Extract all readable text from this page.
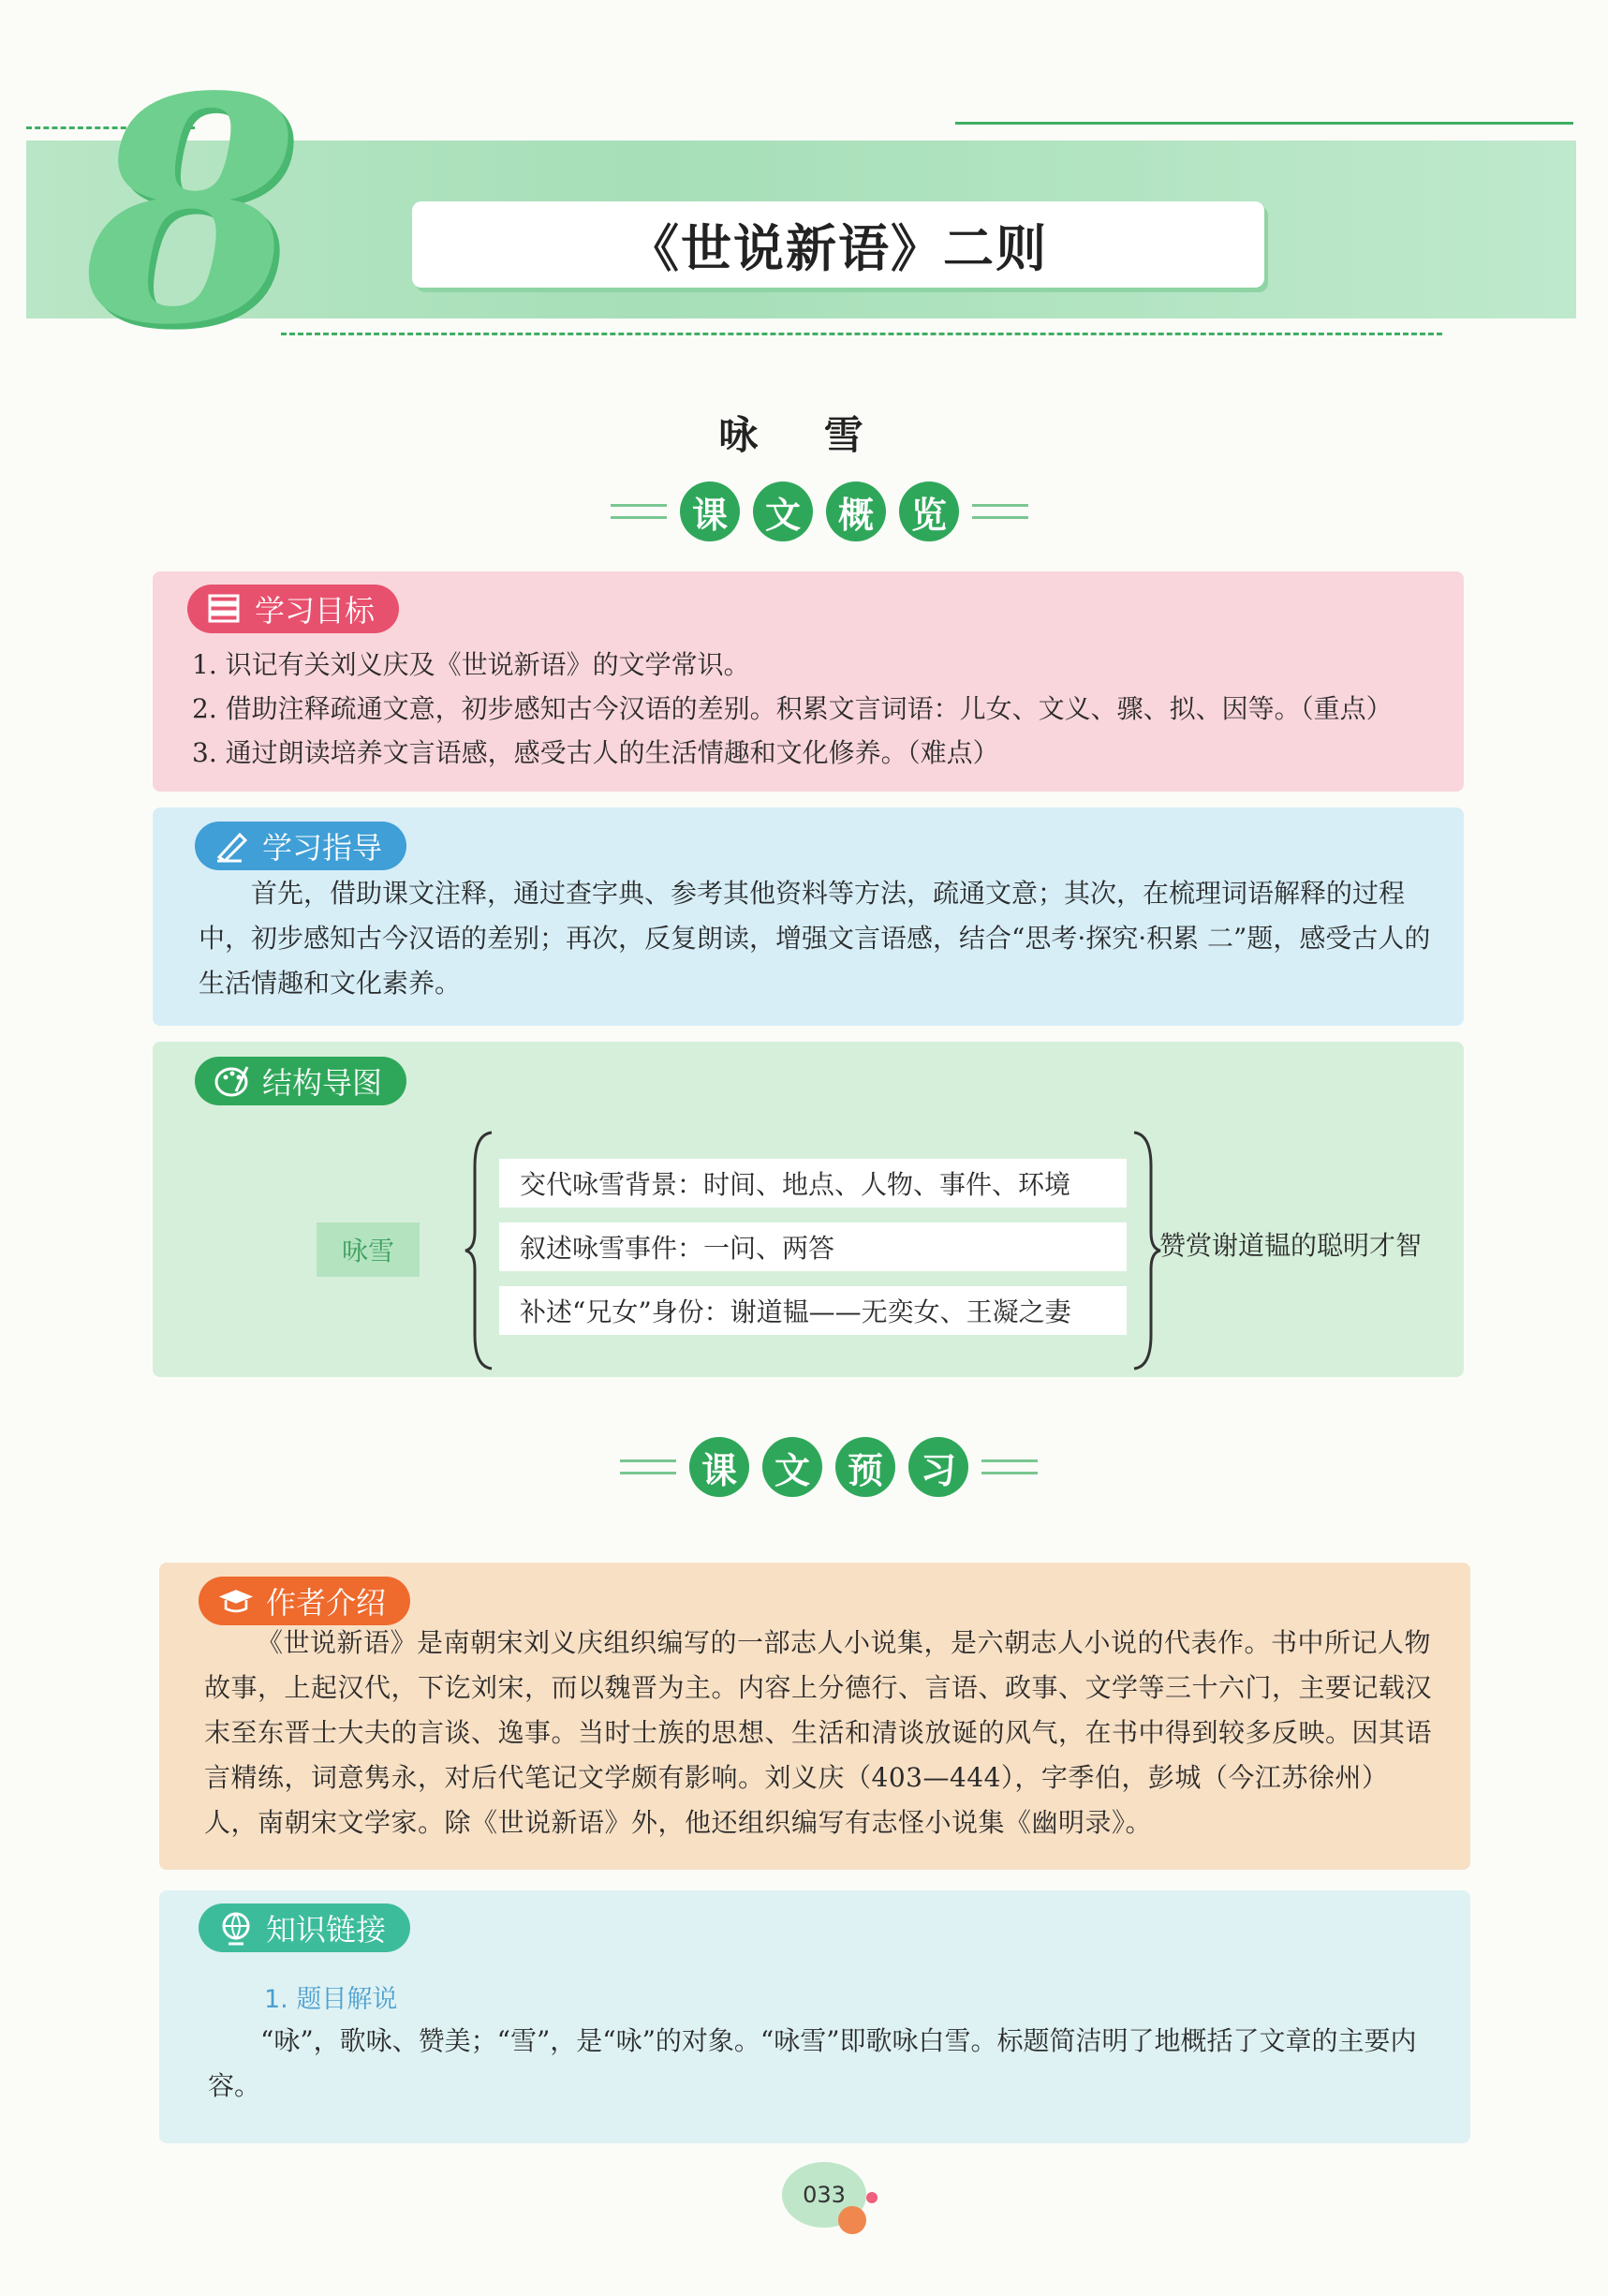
8	《世说新语》二则
咏 雪
课	文	概	览
学习目标
1. 识记有关刘义庆及《世说新语》的文学常识。
2. 借助注释疏通文意，初步感知古今汉语的差别。积累文言词语：儿女、文义、骤、拟、因等。（重点）
3. 通过朗读培养文言语感，感受古人的生活情趣和文化修养。（难点）
学习指导
首先，借助课文注释，通过查字典、参考其他资料等方法，疏通文意；其次，在梳理词语解释的过程中，初步感知古今汉语的差别；再次，反复朗读，增强文言语感，结合“思考·探究·积累 二”题，感受古人的生活情趣和文化素养。
结构导图
咏雪
交代咏雪背景：时间、地点、人物、事件、环境
叙述咏雪事件：一问、两答
补述“兄女”身份：谢道韫——无奕女、王凝之妻
赞赏谢道韫的聪明才智
课	文	预	习
作者介绍
《世说新语》是南朝宋刘义庆组织编写的一部志人小说集，是六朝志人小说的代表作。书中所记人物故事，上起汉代，下讫刘宋，而以魏晋为主。内容上分德行、言语、政事、文学等三十六门，主要记载汉末至东晋士大夫的言谈、逸事。当时士族的思想、生活和清谈放诞的风气，在书中得到较多反映。因其语言精练，词意隽永，对后代笔记文学颇有影响。刘义庆（403—444），字季伯，彭城（今江苏徐州）人，南朝宋文学家。除《世说新语》外，他还组织编写有志怪小说集《幽明录》。
知识链接
1. 题目解说
“咏”，歌咏、赞美；“雪”，是“咏”的对象。“咏雪”即歌咏白雪。标题简洁明了地概括了文章的主要内容。
033
